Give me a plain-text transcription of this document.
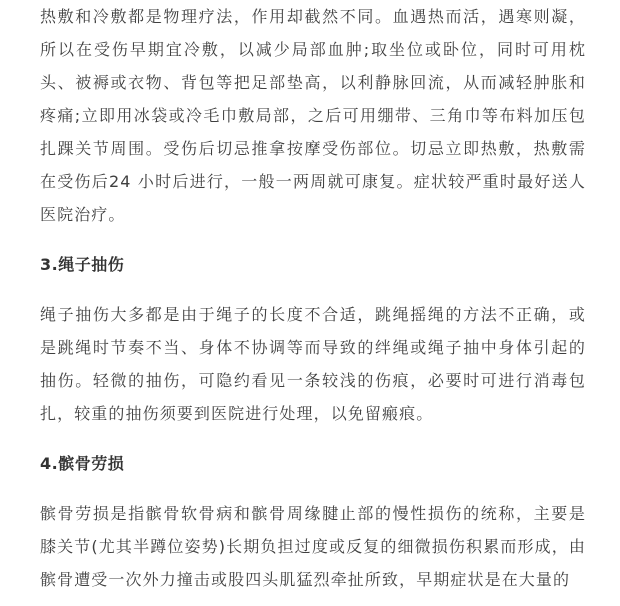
热敷和冷敷都是物理疗法，作用却截然不同。血遇热而活，遇寒则凝，所以在受伤早期宜冷敷，以减少局部血肿;取坐位或卧位，同时可用枕头、被褥或衣物、背包等把足部垫高，以利静脉回流，从而减轻肿胀和疼痛;立即用冰袋或冷毛巾敷局部，之后可用绷带、三角巾等布料加压包扎踝关节周围。受伤后切忌推拿按摩受伤部位。切忌立即热敷，热敷需在受伤后24 小时后进行，一般一两周就可康复。症状较严重时最好送人医院治疗。

3.绳子抽伤

绳子抽伤大多都是由于绳子的长度不合适，跳绳摇绳的方法不正确，或是跳绳时节奏不当、身体不协调等而导致的绊绳或绳子抽中身体引起的抽伤。轻微的抽伤，可隐约看见一条较浅的伤痕，必要时可进行消毒包扎，较重的抽伤须要到医院进行处理，以免留瘢痕。

4.髌骨劳损

髌骨劳损是指髌骨软骨病和髌骨周缘腱止部的慢性损伤的统称，主要是膝关节(尤其半蹲位姿势)长期负担过度或反复的细微损伤积累而形成，由髌骨遭受一次外力撞击或股四头肌猛烈牵扯所致，早期症状是在大量的
